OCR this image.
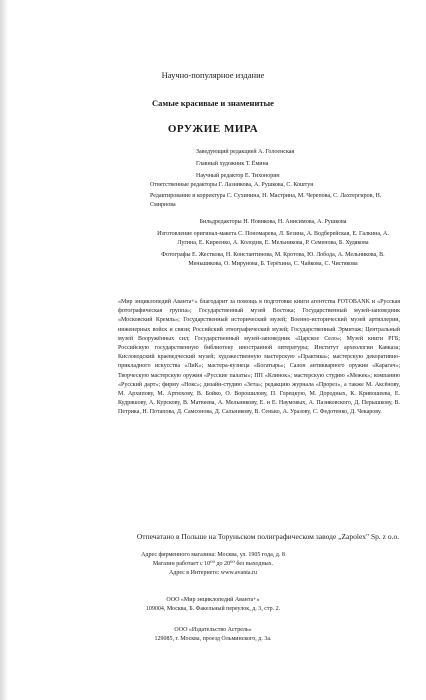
Научно-популярное издание
Самые красивые и знаменитые
ОРУЖИЕ МИРА

Заведующий редакцией А. Голоенская

Главный художник Т. Ёмина

Научный редактор Е. Тихонорин

Ответственные редакторы Г. Лазникова, А. Рушкова, С. Коштун

Редактирование и корректура С. Сухинина, Н. Мастрина, М. Черепова, С. Лахтергиров, Н. Смирнова

Бильдредакторы Н. Новикова, Н. Анисимова, А. Рушкова

Изготовление оригинал-макета С. Пономарева, Л. Безина, А. Водберейская, Е. Галкина, А. Лугина, Е. Киреенко, А. Колодня, Е. Мельникова, Р. Семенова, Б. Худякова

Фотографы Е. Жесткова, Н. Константинова, М. Кротова, Ю. Лобода, А. Мельникова, В. Меньшикова, О. Мирунова, Б. Терёхина, С. Чайкова, С. Чистякова

«Мир энциклопедий Аванта+» благодарит за помощь в подготовке книги агентства FOTOBANK и «Русская фотографическая группа»; Государственный музей Востока; Государственный музей-заповедник «Московский Кремль»; Государственный исторический музей; Военно-исторический музей артиллерии, инженерных войск и связи; Российский этнографический музей; Государственный Эрмитаж; Центральный музей Вооружённых сил; Государственный музей-заповедник «Царское Село»; Музей книги РГБ; Российскую государственную библиотеку иностранной литературы; Институт археологии Кавказа; Кисловодский краеведческий музей; художественную мастерскую «Практика»; мастерскую декоративно-прикладного искусства «ЛиК»; мастера-кузнеца «Богатырь»; Салон антикварного оружия «Карагач»; Творческую мастерскую оружия «Русские палаты»; ПП «Клинок»; мастерскую студию «Межек»; компанию «Русский дарт»; фирму «Нокс»; дизайн-студию «Зета»; редакцию журнала «Прорез», а также М. Аксёнову, М. Архипову, М. Артюхову, В. Бойко, О. Ворошилову, П. Горецкую, М. Дородных, К. Кривошеева, Е. Кудряшову, А. Курскову, В. Матвеева, А. Мельникову, Е. и Е. Наумовых, А. Пазиковского, Д. Перышкову, В. Петрика, Н. Потапова, Д. Самсонова, Д. Сальникову, В. Сенько, А. Уразову, С. Федотенко, Д. Чекарову.
Отпечатано в Польше на Торуньском полиграфическом заводе „Zapolex" Sp. z o.o.

Адрес фирменного магазина: Москва, ул. 1905 года, д. 8

Магазин работает с 10⁰⁰ до 20⁰⁰ без выходных.

Адрес в Интернете: www.avanta.ru

ООО «Мир энциклопедий Аванта+»

109004, Москва, Б. Факельный переулок, д. 3, стр. 2.

ООО «Издательство Астрель»

129085, г. Москва, проезд Ольминского, д. 3а.
